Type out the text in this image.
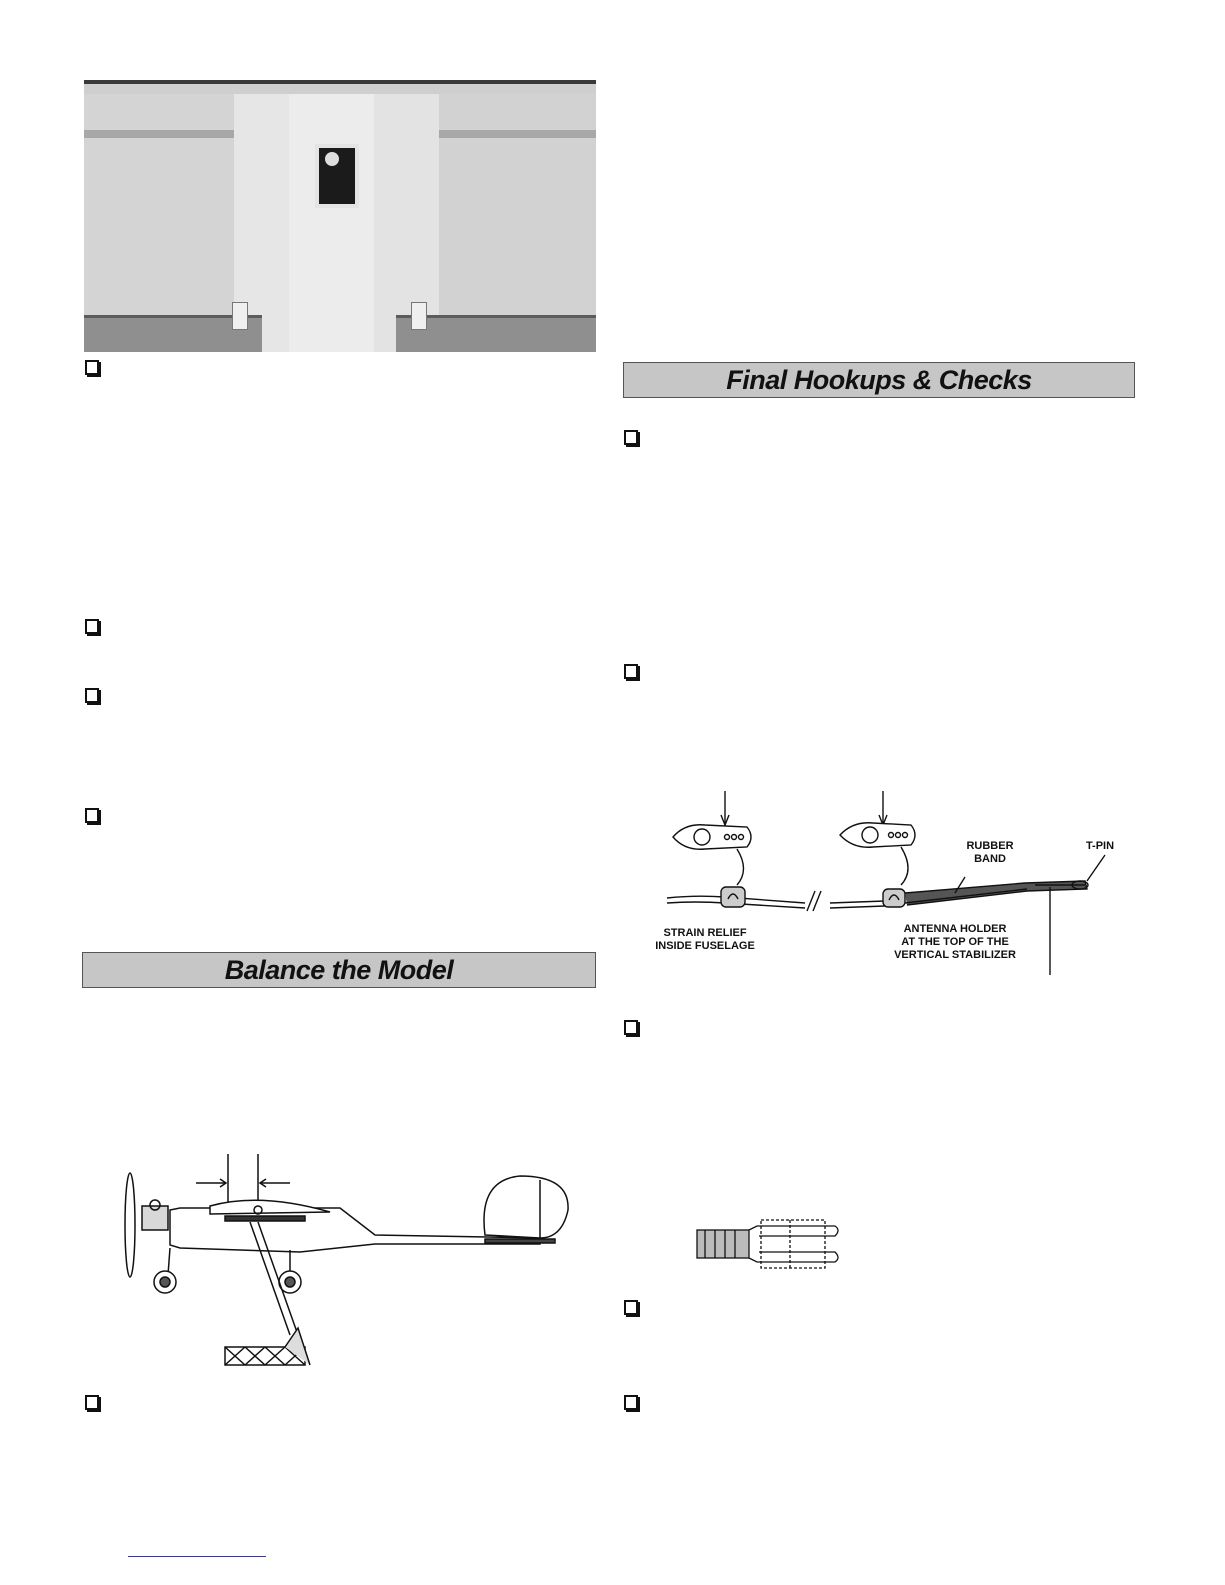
Balance the Model
Final Hookups & Checks
RUBBER
BAND
T-PIN
STRAIN RELIEF
INSIDE FUSELAGE
ANTENNA HOLDER
AT THE TOP OF THE
VERTICAL STABILIZER
